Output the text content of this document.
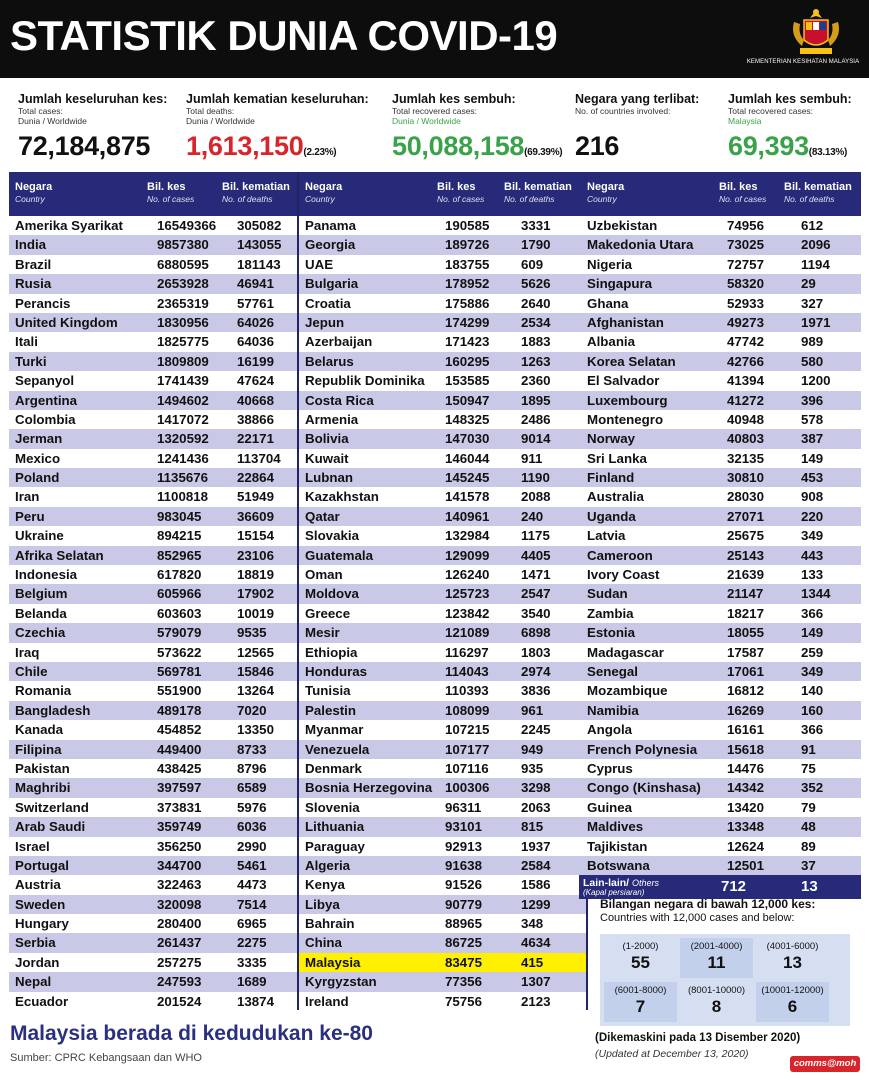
STATISTIK DUNIA COVID-19
KEMENTERIAN KESIHATAN MALAYSIA
Jumlah keseluruhan kes:
Total cases:
Dunia / Worldwide
72,184,875
Jumlah kematian keseluruhan:
Total deaths:
Dunia / Worldwide
1,613,150(2.23%)
Jumlah kes sembuh:
Total recovered cases:
Dunia / Worldwide
50,088,158(69.39%)
Negara yang terlibat:
No. of countries involved:

216
Jumlah kes sembuh:
Total recovered cases:
Malaysia
69,393(83.13%)
Negara
Country
Bil. kes
No. of cases
Bil. kematian
No. of deaths
Amerika Syarikat	16549366 305082
India	9857380 143055
Brazil	6880595 181143
Rusia	2653928 46941
Perancis	2365319 57761
United Kingdom	1830956 64026
Itali	1825775 64036
Turki	1809809 16199
Sepanyol	1741439 47624
Argentina	1494602 40668
Colombia	1417072 38866
Jerman	1320592 22171
Mexico	1241436 113704
Poland	1135676 22864
Iran	1100818 51949
Peru	983045	36609
Ukraine	894215	15154
Afrika Selatan	852965	23106
Indonesia	617820	18819
Belgium	605966	17902
Belanda	603603	10019
Czechia	579079	9535
Iraq	573622	12565
Chile	569781	15846
Romania	551900	13264
Bangladesh	489178	7020
Kanada	454852	13350
Filipina	449400	8733
Pakistan	438425	8796
Maghribi	397597	6589
Switzerland	373831	5976
Arab Saudi	359749	6036
Israel	356250	2990
Portugal	344700	5461
Austria	322463	4473
Sweden	320098	7514
Hungary	280400	6965
Serbia	261437	2275
Jordan	257275	3335
Nepal	247593	1689
Ecuador	201524	13874
Negara
Country
Bil. kes
No. of cases
Bil. kematian
No. of deaths
Panama	190585 3331
Georgia	189726 1790
UAE	183755 609
Bulgaria	178952 5626
Croatia	175886 2640
Jepun	174299 2534
Azerbaijan	171423 1883
Belarus	160295 1263
Republik Dominika 153585 2360
Costa Rica	150947 1895
Armenia	148325 2486
Bolivia	147030 9014
Kuwait	146044 911
Lubnan	145245 1190
Kazakhstan	141578 2088
Qatar	140961 240
Slovakia	132984 1175
Guatemala	129099 4405
Oman	126240 1471
Moldova	125723 2547
Greece	123842 3540
Mesir	121089 6898
Ethiopia	116297 1803
Honduras	114043 2974
Tunisia	110393 3836
Palestin	108099 961
Myanmar	107215 2245
Venezuela	107177 949
Denmark	107116 935
Bosnia Herzegovina 100306 3298
Slovenia	96311	2063
Lithuania	93101	815
Paraguay	92913	1937
Algeria	91638	2584
Kenya	91526	1586
Libya	90779	1299
Bahrain	88965	348
China	86725	4634
Malaysia	83475	415
Kyrgyzstan	77356	1307
Ireland	75756	2123
Negara
Country
Bil. kes
No. of cases
Bil. kematian
No. of deaths
Uzbekistan	74956	612
Makedonia Utara	73025	2096
Nigeria	72757	1194
Singapura	58320	29
Ghana	52933	327
Afghanistan	49273	1971
Albania	47742	989
Korea Selatan	42766	580
El Salvador	41394	1200
Luxembourg	41272	396
Montenegro	40948	578
Norway	40803	387
Sri Lanka	32135	149
Finland	30810	453
Australia	28030	908
Uganda	27071	220
Latvia	25675	349
Cameroon	25143	443
Ivory Coast	21639	133
Sudan	21147	1344
Zambia	18217	366
Estonia	18055	149
Madagascar	17587	259
Senegal	17061	349
Mozambique	16812	140
Namibia	16269	160
Angola	16161	366
French Polynesia 15618	91
Cyprus	14476	75
Congo (Kinshasa) 14342	352
Guinea	13420	79
Maldives	13348	48
Tajikistan	12624	89
Botswana	12501	37
Lain-lain/ Others
(Kapal persiaran)	712	13
Bilangan negara di bawah 12,000 kes:
Countries with 12,000 cases and below:
(1-2000)
55
(2001-4000)
11
(4001-6000)
13
(6001-8000)
7
(8001-10000)
8
(10001-12000)
6
Malaysia berada di kedudukan ke-80
Sumber: CPRC Kebangsaan dan WHO
(Dikemaskini pada 13 Disember 2020)
(Updated at December 13, 2020)
comms@moh
